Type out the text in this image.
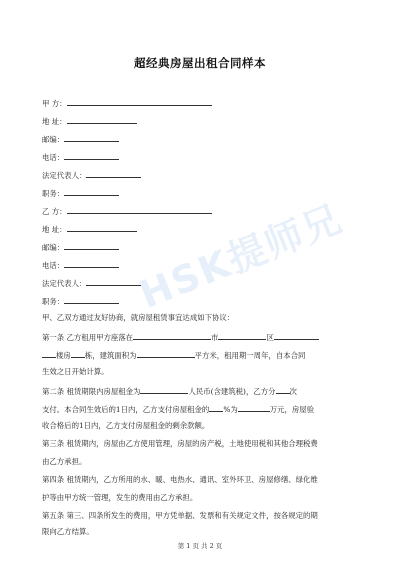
超经典房屋出租合同样本
甲 方：
地 址：
邮编：
电话：
法定代表人：
职务：
乙 方：
地 址：
邮编：
电话：
法定代表人：
职务：
甲、乙双方通过友好协商，就房屋租赁事宜达成如下协议：
第一条 乙方租用甲方座落在	市	区
楼房 栋，建筑面积为	平方米，租用期一周年，自本合同
生效之日开始计算。
第二条 租赁期限内房屋租金为	人民币(含建筑税)，乙方分 次
支付。本合同生效后的1日内，乙方支付房屋租金的 %为	万元，房屋验
收合格后的1日内，乙方支付房屋租金的剩余款额。
第三条 租赁期内，房屋由乙方使用管理，房屋的房产税，土地使用税和其他合理税费
由乙方承担。
第四条 租赁期内，乙方所用的水、暖、电热水、通讯、室外环卫、房屋修缮、绿化维
护等由甲方统一管理，发生的费用由乙方承担。
第五条 第三、四条所发生的费用，甲方凭单据、发票和有关规定文件，按各规定的期
限向乙方结算。
HSK提师兄
第 1 页 共 2 页
